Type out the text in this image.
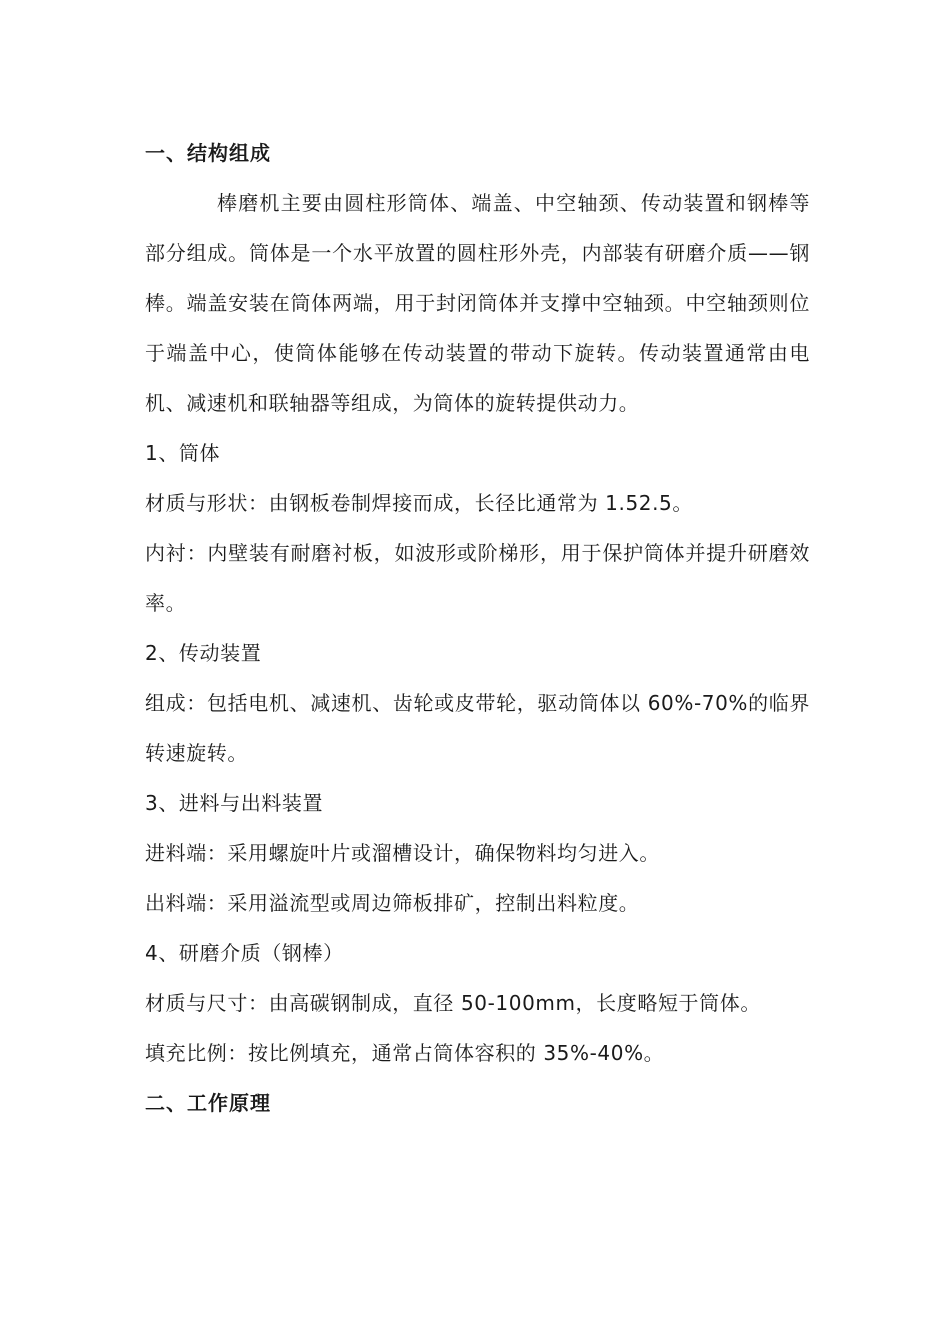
一、结构组成

棒磨机主要由圆柱形筒体、端盖、中空轴颈、传动装置和钢棒等部分组成。筒体是一个水平放置的圆柱形外壳，内部装有研磨介质——钢棒。端盖安装在筒体两端，用于封闭筒体并支撑中空轴颈。中空轴颈则位于端盖中心，使筒体能够在传动装置的带动下旋转。传动装置通常由电机、减速机和联轴器等组成，为筒体的旋转提供动力。

1、筒体

材质与形状：由钢板卷制焊接而成，长径比通常为 1.52.5。

内衬：内壁装有耐磨衬板，如波形或阶梯形，用于保护筒体并提升研磨效率。

2、传动装置

组成：包括电机、减速机、齿轮或皮带轮，驱动筒体以 60%-70%的临界转速旋转。

3、进料与出料装置

进料端：采用螺旋叶片或溜槽设计，确保物料均匀进入。

出料端：采用溢流型或周边筛板排矿，控制出料粒度。

4、研磨介质（钢棒）

材质与尺寸：由高碳钢制成，直径 50-100mm，长度略短于筒体。

填充比例：按比例填充，通常占筒体容积的 35%-40%。

二、工作原理
